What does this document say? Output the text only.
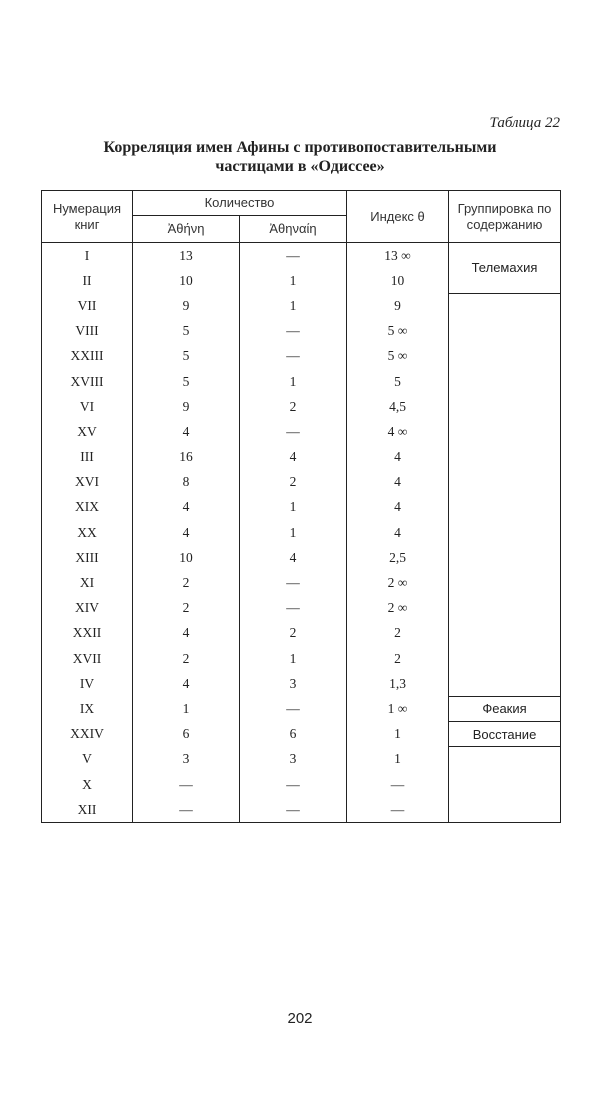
Таблица 22
Корреляция имен Афины с противопоставительными
частицами в «Одиссее»
Нумерация книг	Количество		Индекс θ	Группировка по содержанию
	Ἀθήνη	Ἀθηναίη		
I	13	—	13 ∞	Телемахия
II	10	1	10	
VII	9	1	9	
VIII	5	—	5 ∞	
XXIII	5	—	5 ∞	
XVIII	5	1	5	
VI	9	2	4,5	
XV	4	—	4 ∞	
III	16	4	4	
XVI	8	2	4	
XIX	4	1	4	
XX	4	1	4	
XIII	10	4	2,5	
XI	2	—	2 ∞	
XIV	2	—	2 ∞	
XXII	4	2	2	
XVII	2	1	2	
IV	4	3	1,3	
IX	1	—	1 ∞	Феакия
XXIV	6	6	1	Восстание
V	3	3	1	
X	—	—	—	
XII	—	—	—	
202
